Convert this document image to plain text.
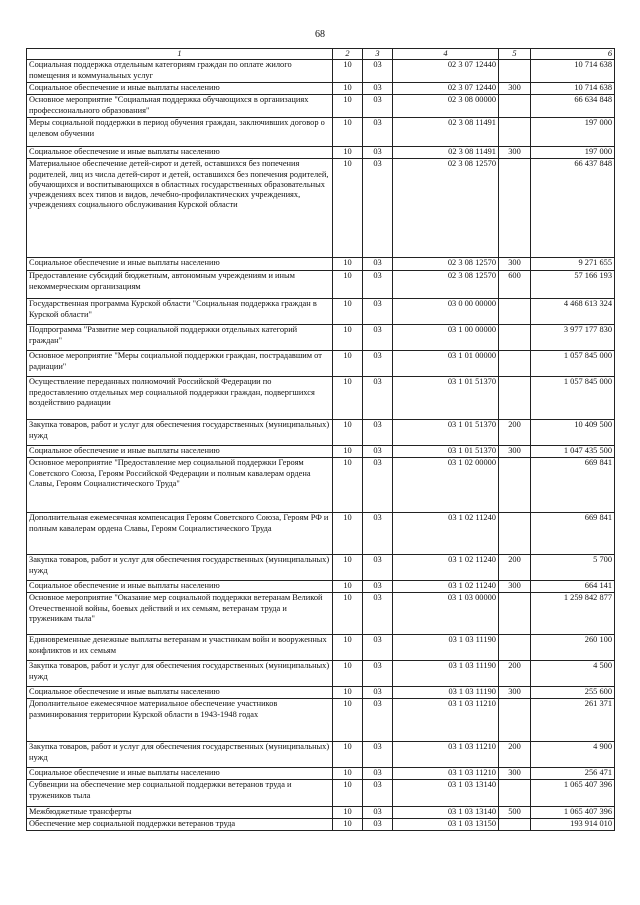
68
1	2	3	4	5	6
Социальная поддержка отдельным категориям граждан по оплате жилого помещения и коммунальных услуг	10	03	02 3 07 12440		10 714 638
Социальное обеспечение и иные выплаты населению	10	03	02 3 07 12440	300	10 714 638
Основное мероприятие "Социальная поддержка обучающихся в организациях профессионального образования"	10	03	02 3 08 00000		66 634 848
Меры социальной поддержки в период обучения граждан, заключивших договор о целевом обучении	10	03	02 3 08 11491		197 000
Социальное обеспечение и иные выплаты населению	10	03	02 3 08 11491	300	197 000
Материальное обеспечение детей-сирот и детей, оставшихся без попечения родителей, лиц из числа детей-сирот и детей, оставшихся без попечения родителей, обучающихся и воспитывающихся в областных государственных образовательных учреждениях всех типов и видов, лечебно-профилактических учреждениях, учреждениях социального обслуживания Курской области	10	03	02 3 08 12570		66 437 848
Социальное обеспечение и иные выплаты населению	10	03	02 3 08 12570	300	9 271 655
Предоставление субсидий бюджетным, автономным учреждениям и иным некоммерческим организациям	10	03	02 3 08 12570	600	57 166 193
Государственная программа Курской области "Социальная поддержка граждан в Курской области"	10	03	03 0 00 00000		4 468 613 324
Подпрограмма "Развитие мер социальной поддержки отдельных категорий граждан"	10	03	03 1 00 00000		3 977 177 830
Основное мероприятие "Меры социальной поддержки граждан, пострадавшим от радиации"	10	03	03 1 01 00000		1 057 845 000
Осуществление переданных полномочий Российской Федерации по предоставлению отдельных мер социальной поддержки граждан, подвергшихся воздействию радиации	10	03	03 1 01 51370		1 057 845 000
Закупка товаров, работ и услуг для обеспечения государственных (муниципальных) нужд	10	03	03 1 01 51370	200	10 409 500
Социальное обеспечение и иные выплаты населению	10	03	03 1 01 51370	300	1 047 435 500
Основное мероприятие "Предоставление мер социальной поддержки Героям Советского Союза, Героям Российской Федерации и полным кавалерам ордена Славы, Героям Социалистического Труда"	10	03	03 1 02 00000		669 841
Дополнительная ежемесячная компенсация Героям Советского Союза, Героям РФ и полным кавалерам ордена Славы, Героям Социалистического Труда	10	03	03 1 02 11240		669 841
Закупка товаров, работ и услуг для обеспечения государственных (муниципальных) нужд	10	03	03 1 02 11240	200	5 700
Социальное обеспечение и иные выплаты населению	10	03	03 1 02 11240	300	664 141
Основное мероприятие "Оказание мер социальной поддержки ветеранам Великой Отечественной войны, боевых действий и их семьям, ветеранам труда и труженикам тыла"	10	03	03 1 03 00000		1 259 842 877
Единовременные денежные выплаты ветеранам и участникам войн и вооруженных конфликтов и их семьям	10	03	03 1 03 11190		260 100
Закупка товаров, работ и услуг для обеспечения государственных (муниципальных) нужд	10	03	03 1 03 11190	200	4 500
Социальное обеспечение и иные выплаты населению	10	03	03 1 03 11190	300	255 600
Дополнительное ежемесячное материальное обеспечение участников разминирования территории Курской области в 1943-1948 годах	10	03	03 1 03 11210		261 371
Закупка товаров, работ и услуг для обеспечения государственных (муниципальных) нужд	10	03	03 1 03 11210	200	4 900
Социальное обеспечение и иные выплаты населению	10	03	03 1 03 11210	300	256 471
Субвенции на обеспечение мер социальной поддержки ветеранов труда и тружеников тыла	10	03	03 1 03 13140		1 065 407 396
Межбюджетные трансферты	10	03	03 1 03 13140	500	1 065 407 396
Обеспечение мер социальной поддержки ветеранов труда	10	03	03 1 03 13150		193 914 010
